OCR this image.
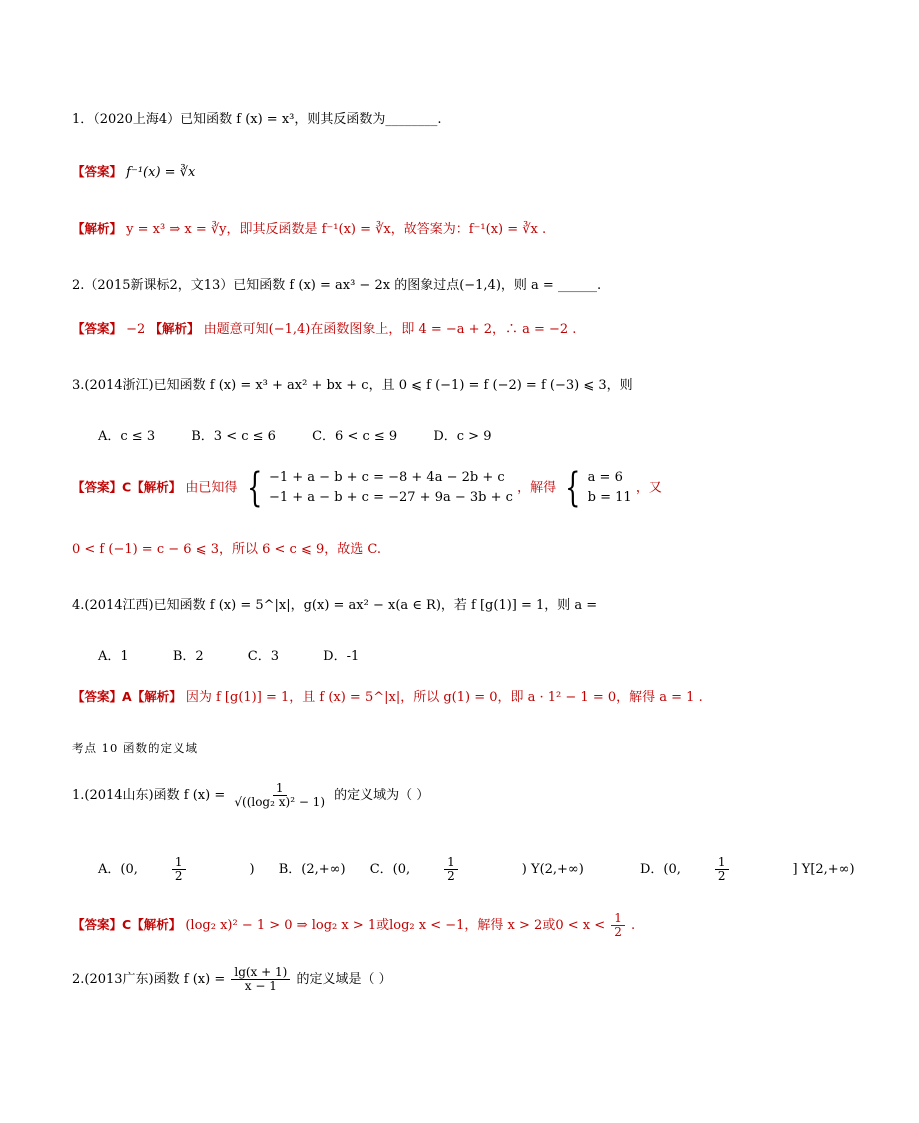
1．（2020上海4）已知函数 f (x) = x³，则其反函数为________.
【答案】 f⁻¹(x) = ∛x
【解析】 y = x³ ⇒ x = ∛y，即其反函数是 f⁻¹(x) = ∛x，故答案为：f⁻¹(x) = ∛x .
2.（2015新课标2，文13）已知函数 f (x) = ax³ − 2x 的图象过点(−1,4)，则 a = ______.
【答案】 −2 【解析】 由题意可知(−1,4)在函数图象上，即 4 = −a + 2，∴ a = −2 .
3.(2014浙江)已知函数 f (x) = x³ + ax² + bx + c，且 0 ⩽ f (−1) = f (−2) = f (−3) ⩽ 3，则
A．c ≤ 3	B．3 < c ≤ 6	C．6 < c ≤ 9	D．c > 9
【答案】C【解析】 由已知得 { −1 + a − b + c = −8 + 4a − 2b + c
−1 + a − b + c = −27 + 9a − 3b + c
，解得 { a = 6
b = 11
，又
0 < f (−1) = c − 6 ⩽ 3，所以 6 < c ⩽ 9，故选 C.
4.(2014江西)已知函数 f (x) = 5^|x|，g(x) = ax² − x(a ∈ R)，若 f [g(1)] = 1，则 a =
A．1	B．2	C．3	D．-1
【答案】A【解析】 因为 f [g(1)] = 1，且 f (x) = 5^|x|，所以 g(1) = 0，即 a · 1² − 1 = 0，解得 a = 1 .
考点 10 函数的定义域
1.(2014山东)函数 f $(x) = \frac{1}{\text{√((log₂ x)² − 1)}}$ 的定义域为（ ）
A．(0,	$\frac{1}{2}$ ) B．(2,+∞) C．(0,	$\frac{1}{2}$ ) Y(2,+∞)	D．(0,	$\frac{1}{2}$ ] Y[2,+∞)
【答案】C【解析】 (log₂ x)² − 1 > 0 ⇒ log₂ x > 1或log₂ x < −1，解得 x > 2或$0 < x < \frac{1}{2}$ .
2.(2013广东)函数 f $(x) = \frac{\lg(x + 1)}{x - 1}$ 的定义域是（ ）
